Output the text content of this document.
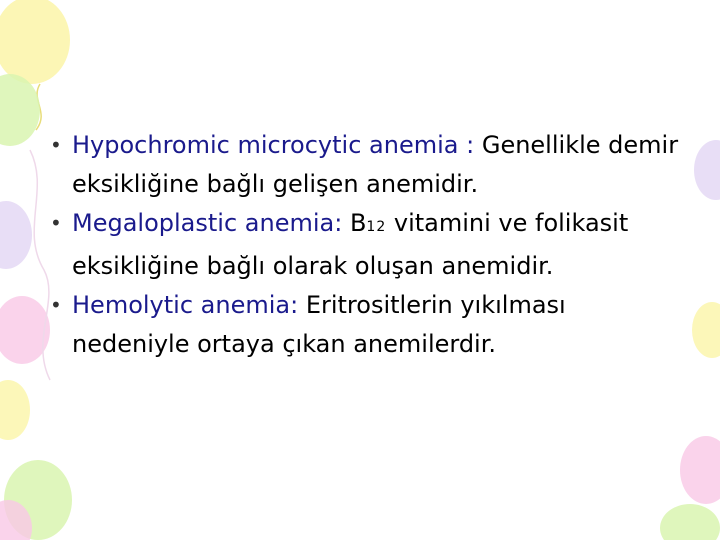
• Hypochromic microcytic anemia : Genellikle demir eksikliğine bağlı gelişen anemidir.
• Megaloplastic anemia: B12 vitamini ve folikasit eksikliğine bağlı olarak oluşan anemidir.
• Hemolytic anemia: Eritrositlerin yıkılması nedeniyle ortaya çıkan anemilerdir.
